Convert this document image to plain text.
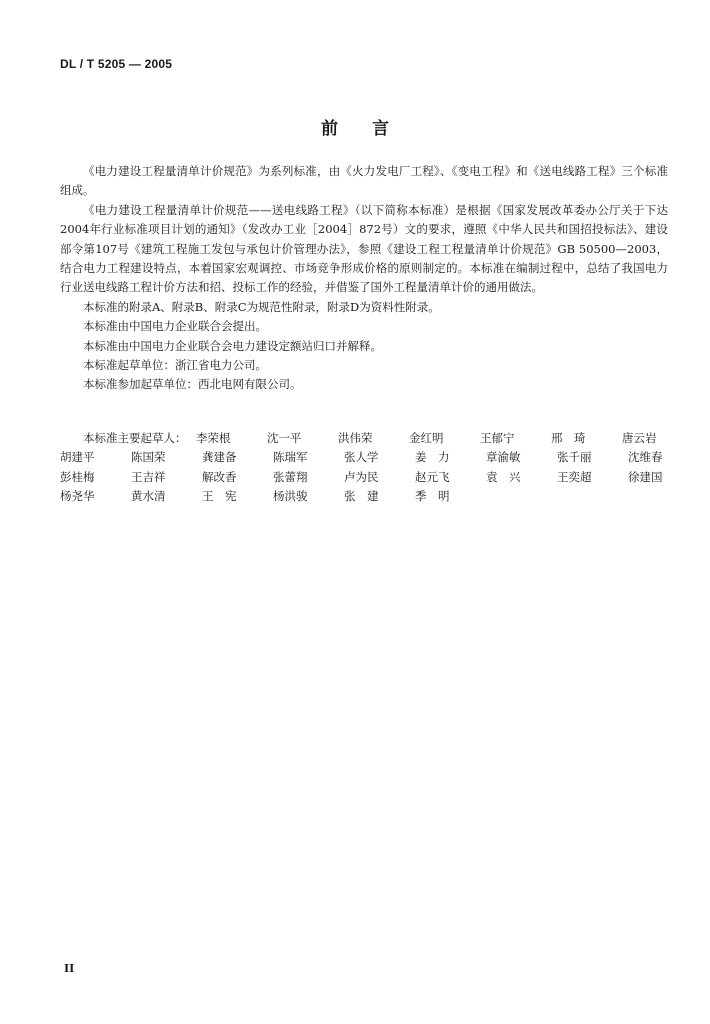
DL / T 5205 — 2005
前言

《电力建设工程量清单计价规范》为系列标准，由《火力发电厂工程》、《变电工程》和《送电线路工程》三个标准组成。

《电力建设工程量清单计价规范——送电线路工程》（以下简称本标准）是根据《国家发展改革委办公厅关于下达2004年行业标准项目计划的通知》（发改办工业［2004］872号）文的要求，遵照《中华人民共和国招投标法》、建设部令第107号《建筑工程施工发包与承包计价管理办法》，参照《建设工程工程量清单计价规范》GB 50500—2003，结合电力工程建设特点，本着国家宏观调控、市场竞争形成价格的原则制定的。本标准在编制过程中，总结了我国电力行业送电线路工程计价方法和招、投标工作的经验，并借鉴了国外工程量清单计价的通用做法。

本标准的附录A、附录B、附录C为规范性附录，附录D为资料性附录。

本标准由中国电力企业联合会提出。

本标准由中国电力企业联合会电力建设定额站归口并解释。

本标准起草单位：浙江省电力公司。

本标准参加起草单位：西北电网有限公司。

本标准主要起草人： 李荣根	沈一平	洪伟荣	金红明	王郁宁	邢　琦	唐云岩
胡建平	陈国荣	龚建备	陈瑞军	张人学	姜　力	章渝敏	张千丽	沈维春
彭桂梅	王吉祥	解改香	张蕾翔	卢为民	赵元飞	袁　兴	王奕超	徐建国
杨尧华	黄水清	王　宪	杨洪骏	张　建	季　明
II
